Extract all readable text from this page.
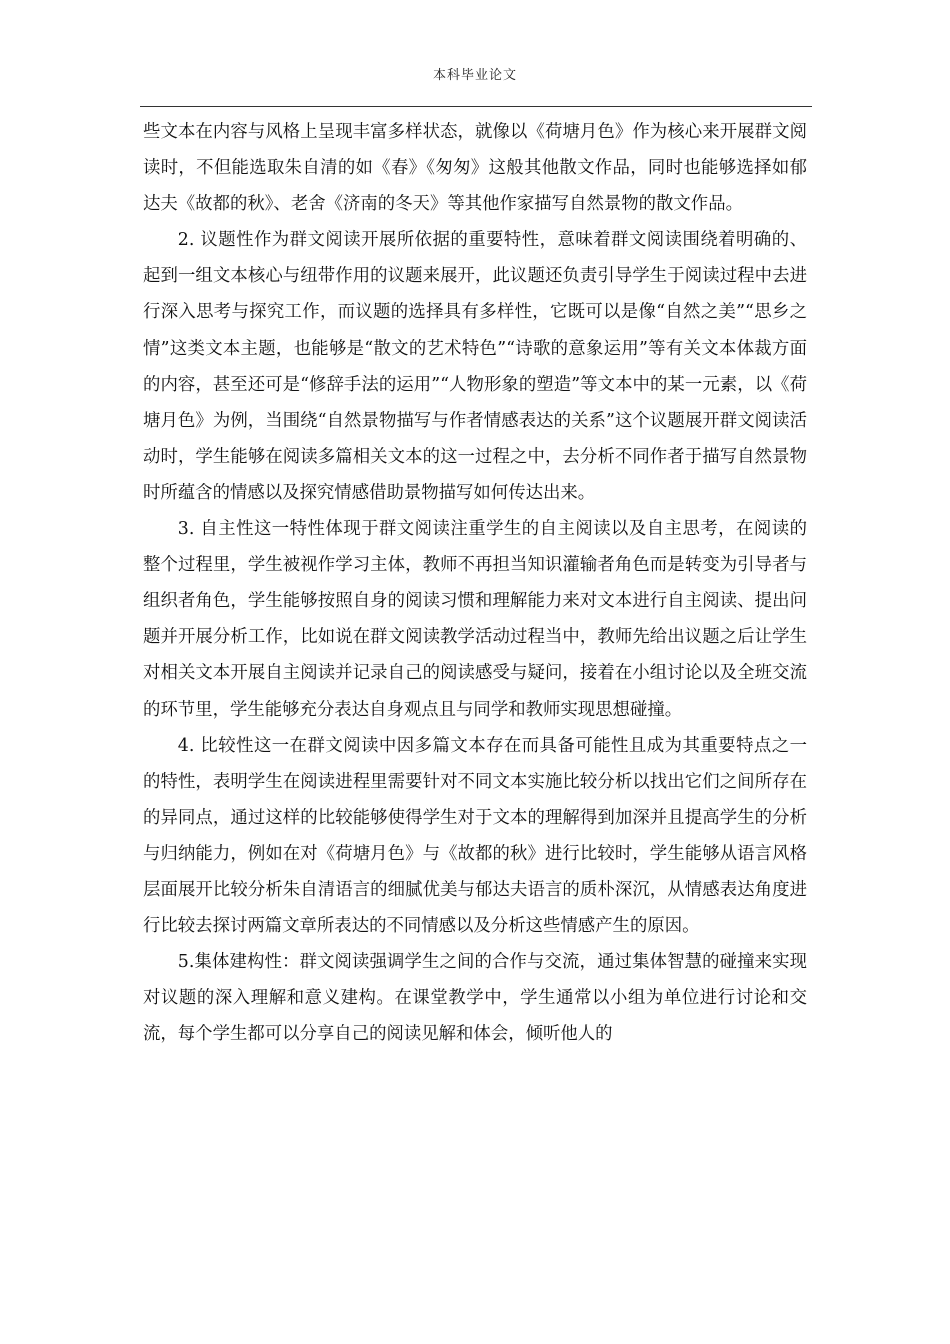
本科毕业论文

些文本在内容与风格上呈现丰富多样状态，就像以《荷塘月色》作为核心来开展群文阅读时，不但能选取朱自清的如《春》《匆匆》这般其他散文作品，同时也能够选择如郁达夫《故都的秋》、老舍《济南的冬天》等其他作家描写自然景物的散文作品。

2. 议题性作为群文阅读开展所依据的重要特性，意味着群文阅读围绕着明确的、起到一组文本核心与纽带作用的议题来展开，此议题还负责引导学生于阅读过程中去进行深入思考与探究工作，而议题的选择具有多样性，它既可以是像“自然之美”“思乡之情”这类文本主题，也能够是“散文的艺术特色”“诗歌的意象运用”等有关文本体裁方面的内容，甚至还可是“修辞手法的运用”“人物形象的塑造”等文本中的某一元素，以《荷塘月色》为例，当围绕“自然景物描写与作者情感表达的关系”这个议题展开群文阅读活动时，学生能够在阅读多篇相关文本的这一过程之中，去分析不同作者于描写自然景物时所蕴含的情感以及探究情感借助景物描写如何传达出来。

3. 自主性这一特性体现于群文阅读注重学生的自主阅读以及自主思考，在阅读的整个过程里，学生被视作学习主体，教师不再担当知识灌输者角色而是转变为引导者与组织者角色，学生能够按照自身的阅读习惯和理解能力来对文本进行自主阅读、提出问题并开展分析工作，比如说在群文阅读教学活动过程当中，教师先给出议题之后让学生对相关文本开展自主阅读并记录自己的阅读感受与疑问，接着在小组讨论以及全班交流的环节里，学生能够充分表达自身观点且与同学和教师实现思想碰撞。

4. 比较性这一在群文阅读中因多篇文本存在而具备可能性且成为其重要特点之一的特性，表明学生在阅读进程里需要针对不同文本实施比较分析以找出它们之间所存在的异同点，通过这样的比较能够使得学生对于文本的理解得到加深并且提高学生的分析与归纳能力，例如在对《荷塘月色》与《故都的秋》进行比较时，学生能够从语言风格层面展开比较分析朱自清语言的细腻优美与郁达夫语言的质朴深沉，从情感表达角度进行比较去探讨两篇文章所表达的不同情感以及分析这些情感产生的原因。

5.集体建构性：群文阅读强调学生之间的合作与交流，通过集体智慧的碰撞来实现对议题的深入理解和意义建构。在课堂教学中，学生通常以小组为单位进行讨论和交流，每个学生都可以分享自己的阅读见解和体会，倾听他人的
